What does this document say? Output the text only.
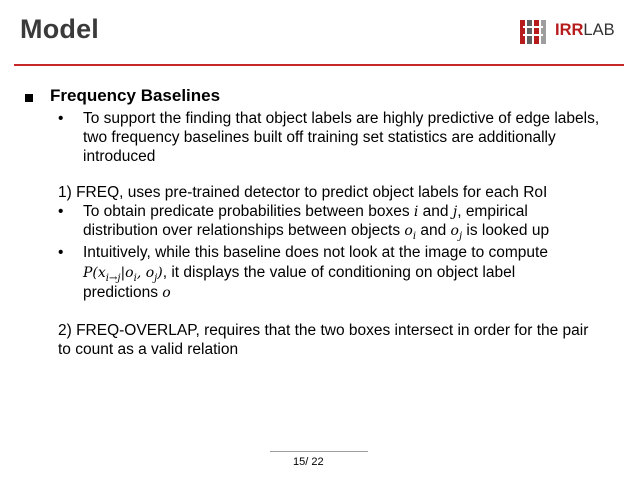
Model	IRRLAB
Frequency Baselines
• To support the finding that object labels are highly predictive of edge labels,
two frequency baselines built off training set statistics are additionally
introduced
1) FREQ, uses pre-trained detector to predict object labels for each RoI
• To obtain predicate probabilities between boxes i and j, empirical
distribution over relationships between objects $o_i$ and $o_j$ is looked up
• Intuitively, while this baseline does not look at the image to compute
$P(x_{i\to j}|o_i$, $o_j$), it displays the value of conditioning on object label
predictions o
2) FREQ-OVERLAP, requires that the two boxes intersect in order for the pair
to count as a valid relation
15/ 22
